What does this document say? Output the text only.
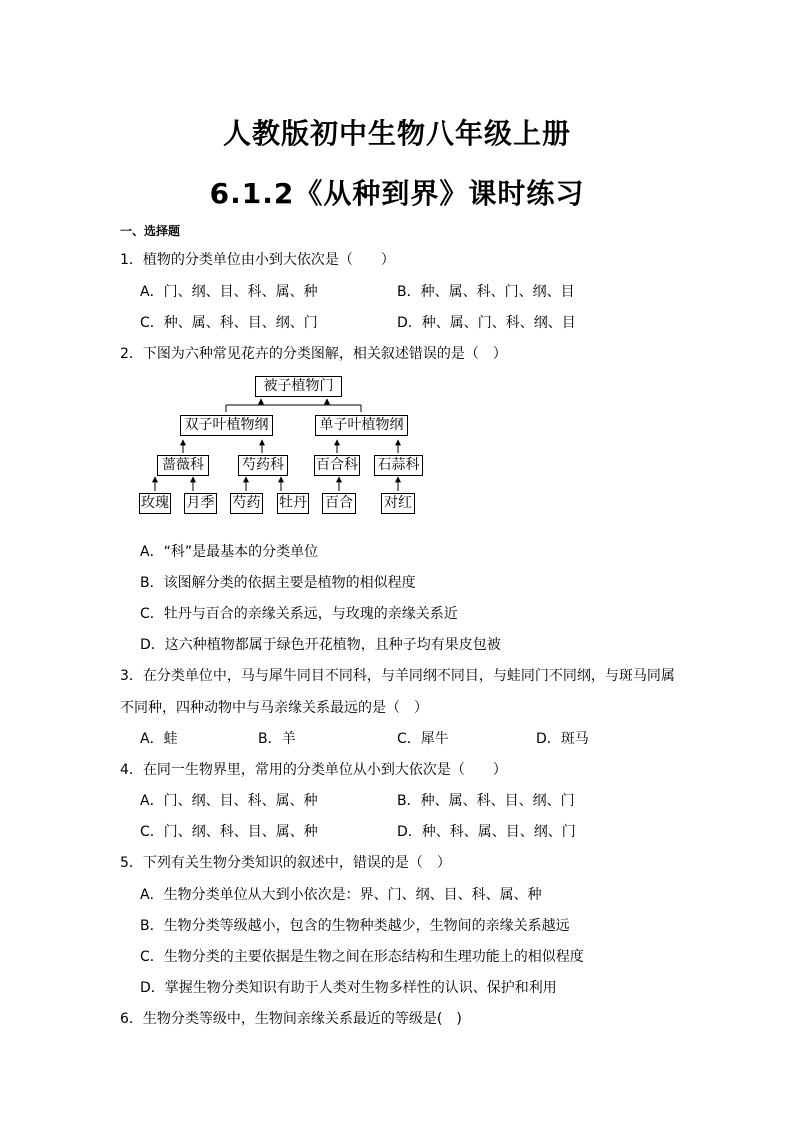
人教版初中生物八年级上册
6.1.2《从种到界》课时练习
一、选择题
1．植物的分类单位由小到大依次是（　　）
A．门、纲、目、科、属、种	B．种、属、科、门、纲、目
C．种、属、科、目、纲、门	D．种、属、门、科、纲、目
2．下图为六种常见花卉的分类图解，相关叙述错误的是（　）
被子植物门
双子叶植物纲	单子叶植物纲
蔷薇科	芍药科 百合科 石蒜科
玫瑰 月季 芍药 牡丹 百合 对红
A．“科”是最基本的分类单位
B．该图解分类的依据主要是植物的相似程度
C．牡丹与百合的亲缘关系远，与玫瑰的亲缘关系近
D．这六种植物都属于绿色开花植物，且种子均有果皮包被
3．在分类单位中，马与犀牛同目不同科，与羊同纲不同目，与蛙同门不同纲，与斑马同属
不同种，四种动物中与马亲缘关系最远的是（　）
A．蛙	B．羊	C．犀牛	D．斑马
4．在同一生物界里，常用的分类单位从小到大依次是（　　）
A．门、纲、目、科、属、种	B．种、属、科、目、纲、门
C．门、纲、科、目、属、种	D．种、科、属、目、纲、门
5．下列有关生物分类知识的叙述中，错误的是（　）
A．生物分类单位从大到小依次是：界、门、纲、目、科、属、种
B．生物分类等级越小，包含的生物种类越少，生物间的亲缘关系越远
C．生物分类的主要依据是生物之间在形态结构和生理功能上的相似程度
D．掌握生物分类知识有助于人类对生物多样性的认识、保护和利用
6．生物分类等级中，生物间亲缘关系最近的等级是(　)
